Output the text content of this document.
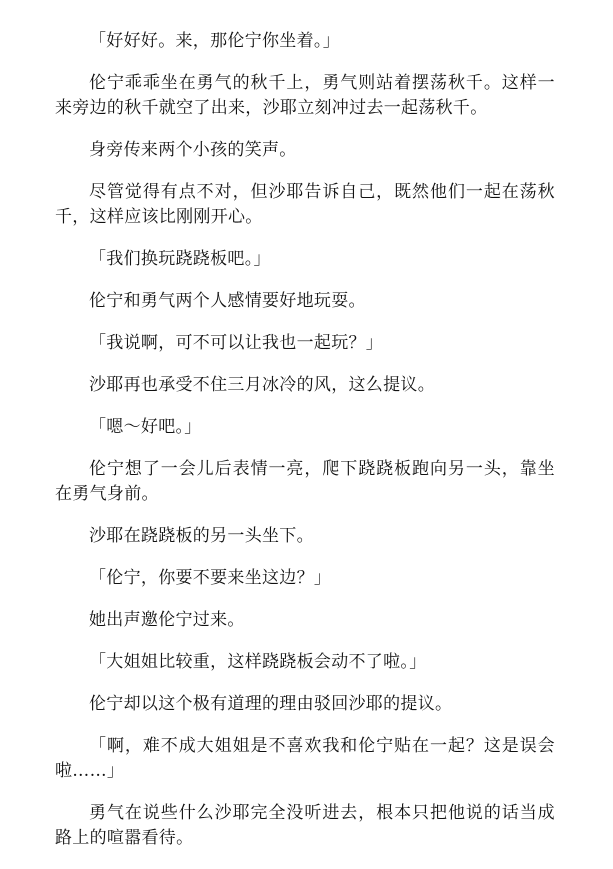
「好好好。来，那伦宁你坐着。」

伦宁乖乖坐在勇气的秋千上，勇气则站着摆荡秋千。这样一来旁边的秋千就空了出来，沙耶立刻冲过去一起荡秋千。

身旁传来两个小孩的笑声。

尽管觉得有点不对，但沙耶告诉自己，既然他们一起在荡秋千，这样应该比刚刚开心。

「我们换玩跷跷板吧。」

伦宁和勇气两个人感情要好地玩耍。

「我说啊，可不可以让我也一起玩？」

沙耶再也承受不住三月冰冷的风，这么提议。

「嗯～好吧。」

伦宁想了一会儿后表情一亮，爬下跷跷板跑向另一头，靠坐在勇气身前。

沙耶在跷跷板的另一头坐下。

「伦宁，你要不要来坐这边？」

她出声邀伦宁过来。

「大姐姐比较重，这样跷跷板会动不了啦。」

伦宁却以这个极有道理的理由驳回沙耶的提议。

「啊，难不成大姐姐是不喜欢我和伦宁贴在一起？这是误会啦……」

勇气在说些什么沙耶完全没听进去，根本只把他说的话当成路上的喧嚣看待。
